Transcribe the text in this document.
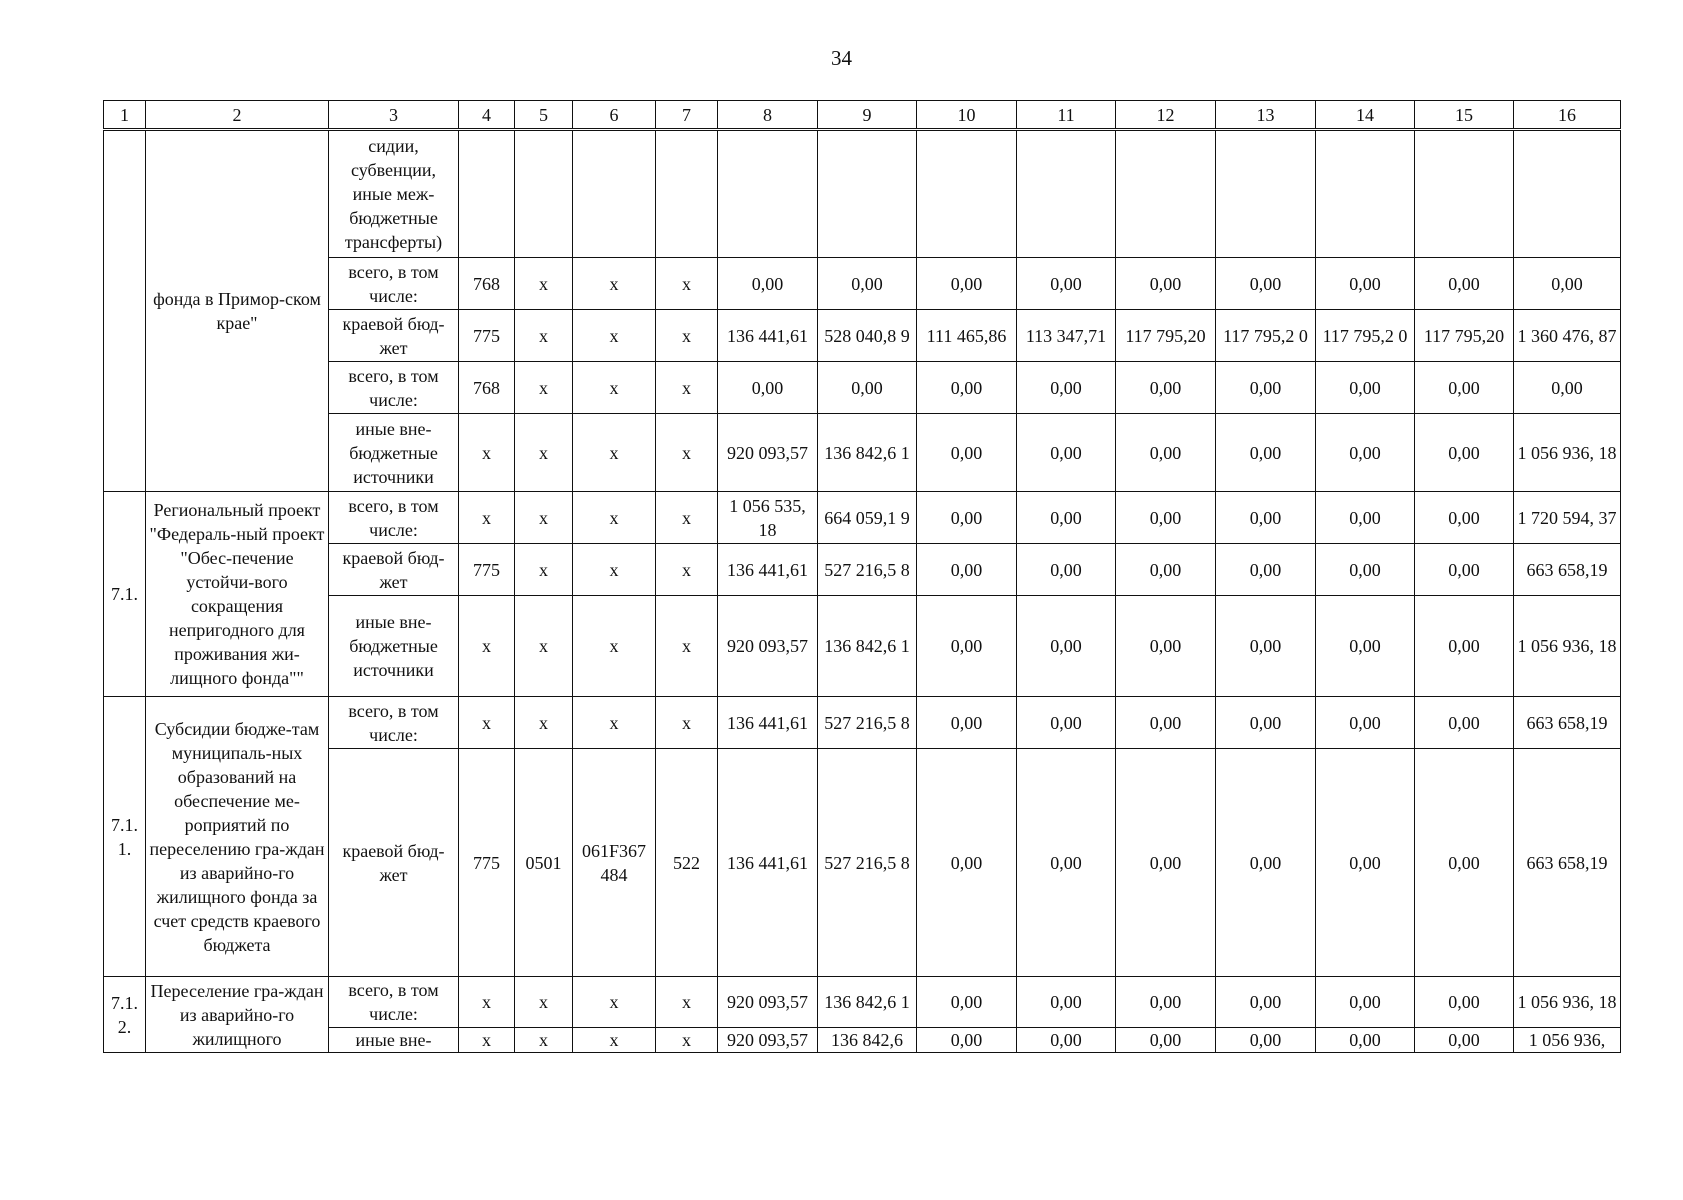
34
1	2	3	4	5	6	7	8	9	10	11	12	13	14	15	16
	фонда в Примор-ском крае"	сидии, субвенции, иные меж-бюджетные трансферты)													
		всего, в том числе:	768	x	x	x	0,00	0,00	0,00	0,00	0,00	0,00	0,00	0,00	0,00
		краевой бюд-жет	775	x	x	x	136 441,61	528 040,8 9	111 465,86	113 347,71	117 795,20	117 795,2 0	117 795,2 0	117 795,20	1 360 476, 87
		всего, в том числе:	768	x	x	x	0,00	0,00	0,00	0,00	0,00	0,00	0,00	0,00	0,00
		иные вне-бюджетные источники	x	x	x	x	920 093,57	136 842,6 1	0,00	0,00	0,00	0,00	0,00	0,00	1 056 936, 18
7.1.	Региональный проект "Федераль-ный проект "Обес-печение устойчи-вого сокращения непригодного для проживания жи-лищного фонда""	всего, в том числе:	x	x	x	x	1 056 535, 18	664 059,1 9	0,00	0,00	0,00	0,00	0,00	0,00	1 720 594, 37
		краевой бюд-жет	775	x	x	x	136 441,61	527 216,5 8	0,00	0,00	0,00	0,00	0,00	0,00	663 658,19
		иные вне-бюджетные источники	x	x	x	x	920 093,57	136 842,6 1	0,00	0,00	0,00	0,00	0,00	0,00	1 056 936, 18
7.1. 1.	Субсидии бюдже-там муниципаль-ных образований на обеспечение ме-роприятий по переселению гра-ждан из аварийно-го жилищного фонда за счет средств краевого бюджета	всего, в том числе:	x	x	x	x	136 441,61	527 216,5 8	0,00	0,00	0,00	0,00	0,00	0,00	663 658,19
		краевой бюд-жет	775	0501	061F367 484	522	136 441,61	527 216,5 8	0,00	0,00	0,00	0,00	0,00	0,00	663 658,19
7.1. 2.	Переселение гра-ждан из аварийно-го жилищного	всего, в том числе:	x	x	x	x	920 093,57	136 842,6 1	0,00	0,00	0,00	0,00	0,00	0,00	1 056 936, 18
		иные вне-	x	x	x	x	920 093,57	136 842,6	0,00	0,00	0,00	0,00	0,00	0,00	1 056 936,
